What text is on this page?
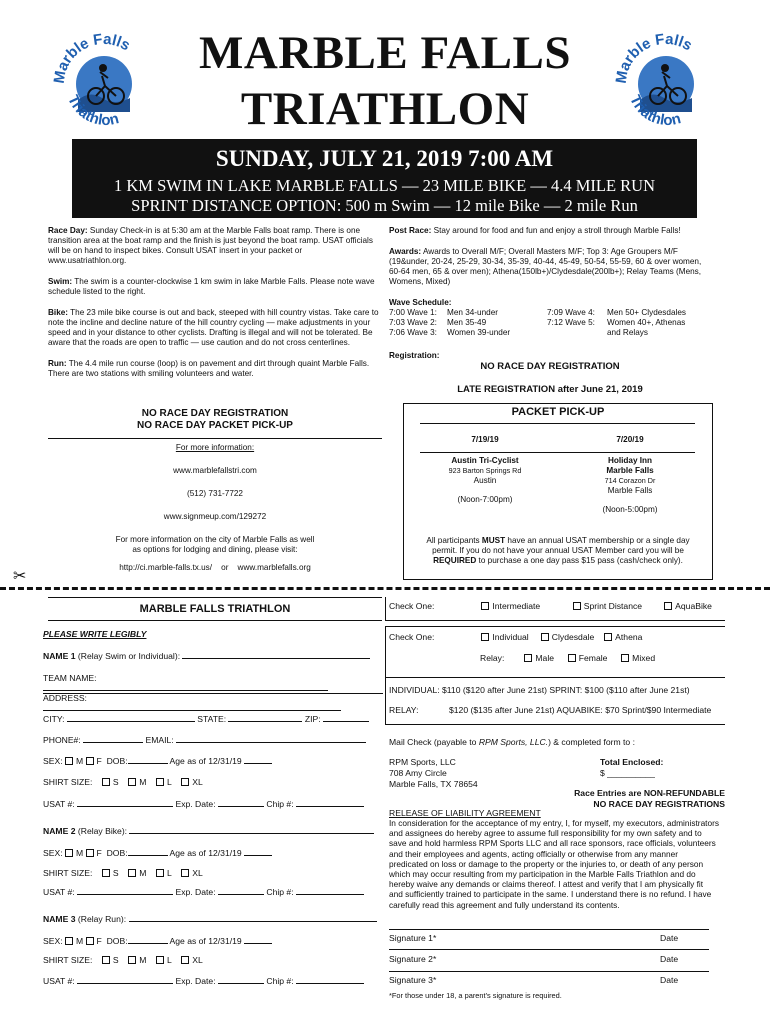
Marble Falls
Triathlon
Marble Falls
Triathlon
MARBLE FALLS
TRIATHLON
SUNDAY, JULY 21, 2019 7:00 AM
1 KM SWIM IN LAKE MARBLE FALLS — 23 MILE BIKE — 4.4 MILE RUN
SPRINT DISTANCE OPTION: 500 m Swim — 12 mile Bike — 2 mile Run

Race Day: Sunday Check-in is at 5:30 am at the Marble Falls boat ramp. There is one transition area at the boat ramp and the finish is just beyond the boat ramp. USAT officials will be on hand to inspect bikes. Consult USAT insert in your packet or www.usatriathlon.org.

Swim: The swim is a counter-clockwise 1 km swim in lake Marble Falls. Please note wave schedule listed to the right.

Bike: The 23 mile bike course is out and back, steeped with hill country vistas. Take care to note the incline and decline nature of the hill country cycling — make adjustments in your speed and in your distance to other cyclists. Drafting is illegal and will not be tolerated. Be aware that the roads are open to traffic — use caution and do not cross centerlines.

Run: The 4.4 mile run course (loop) is on pavement and dirt through quaint Marble Falls. There are two stations with smiling volunteers and water.

NO RACE DAY REGISTRATION
NO RACE DAY PACKET PICK-UP
For more information:
www.marblefallstri.com
(512) 731-7722
www.signmeup.com/129272
For more information on the city of Marble Falls as well
as options for lodging and dining, please visit:
http://ci.marble-falls.tx.us/ or www.marblefalls.org

Post Race: Stay around for food and fun and enjoy a stroll through Marble Falls!

Awards: Awards to Overall M/F; Overall Masters M/F; Top 3: Age Groupers M/F (19&under, 20-24, 25-29, 30-34, 35-39, 40-44, 45-49, 50-54, 55-59, 60 & over women, 60-64 men, 65 & over men); Athena(150lb+)/Clydesdale(200lb+); Relay Teams (Mens, Womens, Mixed)

Wave Schedule:

7:00 Wave 1: Men 34-under
7:03 Wave 2: Men 35-49
7:06 Wave 3: Women 39-under
7:09 Wave 4: Men 50+ Clydesdales
7:12 Wave 5: Women 40+, Athenas
and Relays
Registration:
NO RACE DAY REGISTRATION
LATE REGISTRATION after June 21, 2019
PACKET PICK-UP
7/19/19
Austin Tri-Cyclist
923 Barton Springs Rd
Austin
(Noon-7:00pm)
7/20/19
Holiday Inn
Marble Falls
714 Corazon Dr
Marble Falls
(Noon-5:00pm)
All participants MUST have an annual USAT membership or a single day
permit. If you do not have your annual USAT Member card you will be
REQUIRED to purchase a one day pass $15 pass (cash/check only).
✂
MARBLE FALLS TRIATHLON
PLEASE WRITE LEGIBLY
NAME 1 (Relay Swim or Individual):
TEAM NAME:
ADDRESS:
CITY:	STATE:	ZIP:
PHONE#:	EMAIL:
SEX: M F DOB:	Age as of 12/31/19
SHIRT SIZE: S M L XL
USAT #:	Exp. Date:	Chip #:
NAME 2 (Relay Bike):
SEX: M F DOB:	Age as of 12/31/19
SHIRT SIZE: S M L XL
USAT #:	Exp. Date:	Chip #:
NAME 3 (Relay Run):
SEX: M F DOB:	Age as of 12/31/19
SHIRT SIZE: S M L XL
USAT #:	Exp. Date:	Chip #:
Check One:	Intermediate	Sprint Distance	AquaBike
Check One:	Individual	Clydesdale Athena
Relay:	Male	Female	Mixed
INDIVIDUAL: $110 ($120 after June 21st) SPRINT: $100 ($110 after June 21st)
RELAY:	$120 ($135 after June 21st) AQUABIKE: $70 Sprint/$90 Intermediate
Mail Check (payable to RPM Sports, LLC.) & completed form to :
RPM Sports, LLC
708 Amy Circle
Marble Falls, TX 78654
Total Enclosed:
$ __________
Race Entries are NON-REFUNDABLE
NO RACE DAY REGISTRATIONS
RELEASE OF LIABILITY AGREEMENT
In consideration for the acceptance of my entry, I, for myself, my executors, administrators and assignees do hereby agree to assume full responsibility for my own safety and to save and hold harmless RPM Sports LLC and all race sponsors, race officials, volunteers and their employees and agents, acting officially or otherwise from any manner predicated on loss or damage to the property or the injuries to, or death of any person which may occur resulting from my participation in the Marble Falls Triathlon and do hereby waive any demands or claims thereof. I attest and verify that I am physically fit and sufficiently trained to participate in the same. I understand there is no refund. I have carefully read this agreement and fully understand its contents.
Signature 1*	Date
Signature 2*	Date
Signature 3*	Date
*For those under 18, a parent’s signature is required.
